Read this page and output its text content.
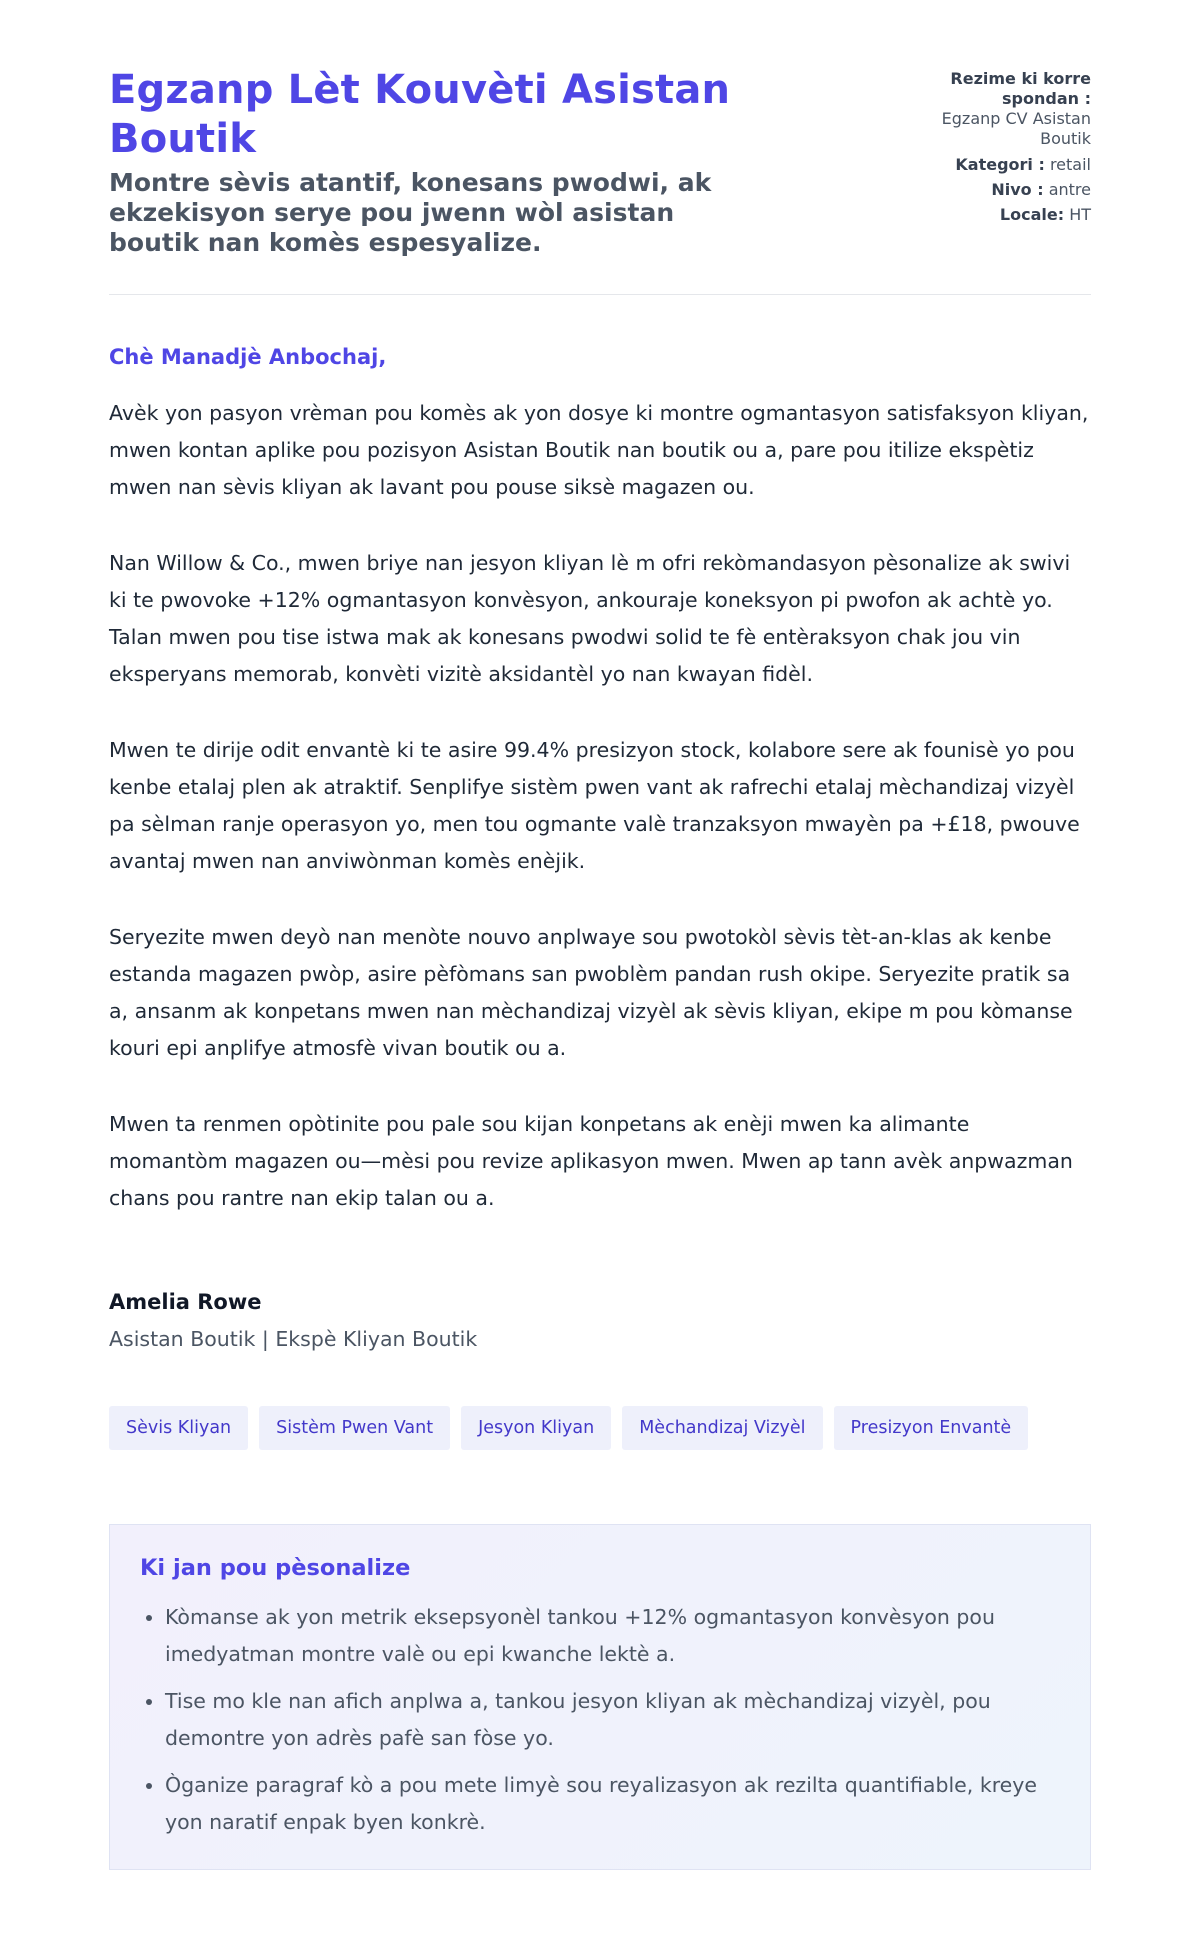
Egzanp Lèt Kouvèti Asistan Boutik
Montre sèvis atantif, konesans pwodwi, ak ekzekisyon serye pou jwenn wòl asistan boutik nan komès espesyalize.
Rezime ki korre spondan : Egzanp CV Asistan Boutik
Kategori : retail
Nivo : antre
Locale: HT
Chè Manadjè Anbochaj,

Avèk yon pasyon vrèman pou komès ak yon dosye ki montre ogmantasyon satisfaksyon kliyan, mwen kontan aplike pou pozisyon Asistan Boutik nan boutik ou a, pare pou itilize ekspètiz mwen nan sèvis kliyan ak lavant pou pouse siksè magazen ou.

Nan Willow & Co., mwen briye nan jesyon kliyan lè m ofri rekòmandasyon pèsonalize ak swivi ki te pwovoke +12% ogmantasyon konvèsyon, ankouraje koneksyon pi pwofon ak achtè yo. Talan mwen pou tise istwa mak ak konesans pwodwi solid te fè entèraksyon chak jou vin eksperyans memorab, konvèti vizitè aksidantèl yo nan kwayan fidèl.

Mwen te dirije odit envantè ki te asire 99.4% presizyon stock, kolabore sere ak founisè yo pou kenbe etalaj plen ak atraktif. Senplifye sistèm pwen vant ak rafrechi etalaj mèchandizaj vizyèl pa sèlman ranje operasyon yo, men tou ogmante valè tranzaksyon mwayèn pa +£18, pwouve avantaj mwen nan anviwònman komès enèjik.

Seryezite mwen deyò nan menòte nouvo anplwaye sou pwotokòl sèvis tèt-an-klas ak kenbe estanda magazen pwòp, asire pèfòmans san pwoblèm pandan rush okipe. Seryezite pratik sa a, ansanm ak konpetans mwen nan mèchandizaj vizyèl ak sèvis kliyan, ekipe m pou kòmanse kouri epi anplifye atmosfè vivan boutik ou a.

Mwen ta renmen opòtinite pou pale sou kijan konpetans ak enèji mwen ka alimante momantòm magazen ou—mèsi pou revize aplikasyon mwen. Mwen ap tann avèk anpwazman chans pou rantre nan ekip talan ou a.

Amelia Rowe
Asistan Boutik | Ekspè Kliyan Boutik
Sèvis Kliyan	Sistèm Pwen Vant	Jesyon Kliyan	Mèchandizaj Vizyèl	Presizyon Envantè
Ki jan pou pèsonalize
• Kòmanse ak yon metrik eksepsyonèl tankou +12% ogmantasyon konvèsyon pou imedyatman montre valè ou epi kwanche lektè a.
• Tise mo kle nan afich anplwa a, tankou jesyon kliyan ak mèchandizaj vizyèl, pou demontre yon adrès pafè san fòse yo.
• Òganize paragraf kò a pou mete limyè sou reyalizasyon ak rezilta quantifiable, kreye yon naratif enpak byen konkrè.
